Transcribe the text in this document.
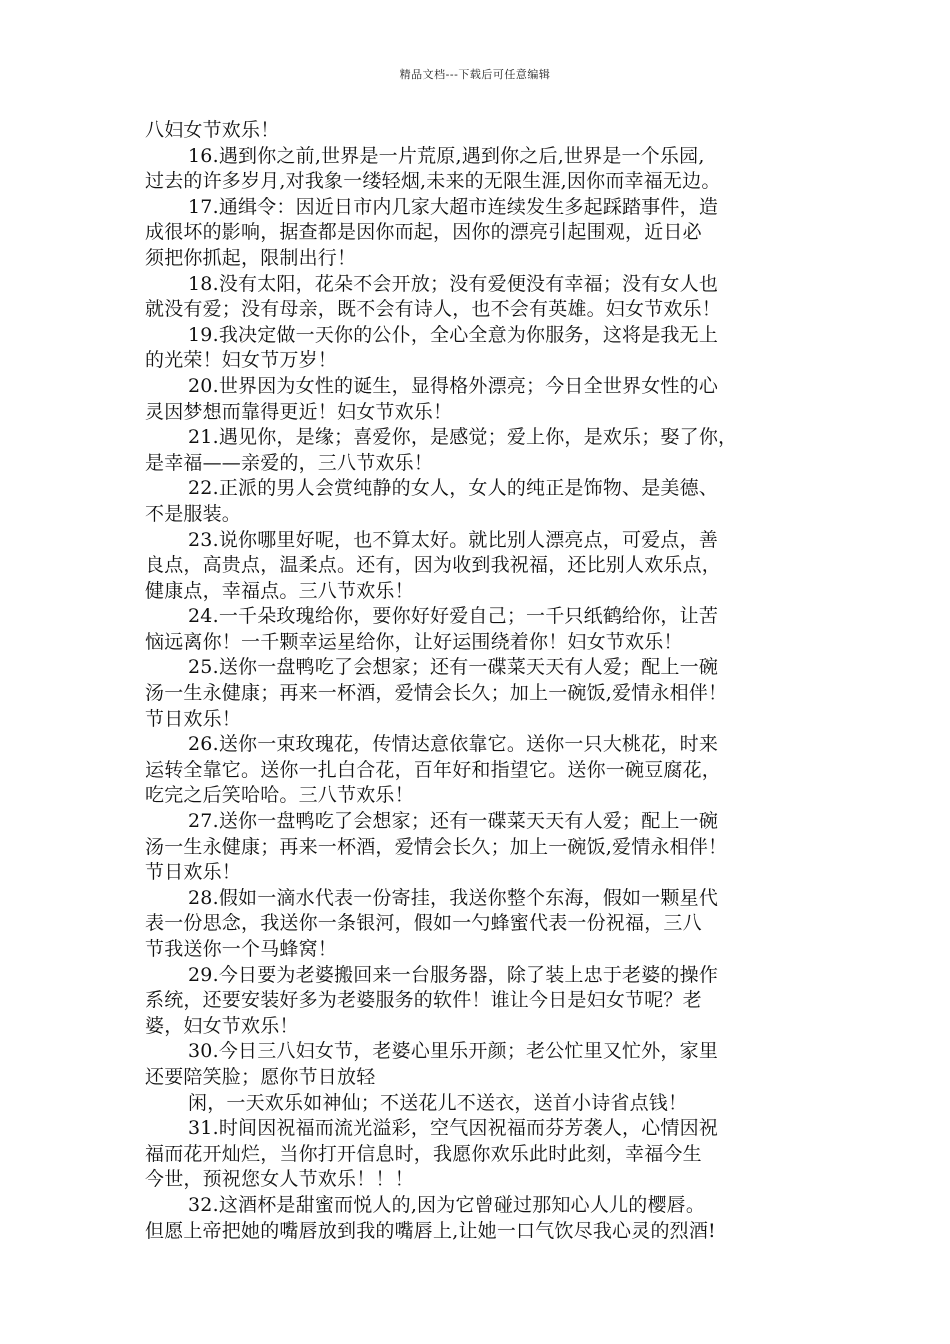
精品文档---下载后可任意编辑
八妇女节欢乐！
16.遇到你之前,世界是一片荒原,遇到你之后,世界是一个乐园,
过去的许多岁月,对我象一缕轻烟,未来的无限生涯,因你而幸福无边。
17.通缉令：因近日市内几家大超市连续发生多起踩踏事件，造
成很坏的影响，据查都是因你而起，因你的漂亮引起围观，近日必
须把你抓起，限制出行！
18.没有太阳，花朵不会开放；没有爱便没有幸福；没有女人也
就没有爱；没有母亲，既不会有诗人，也不会有英雄。妇女节欢乐！
19.我决定做一天你的公仆，全心全意为你服务，这将是我无上
的光荣！妇女节万岁！
20.世界因为女性的诞生，显得格外漂亮；今日全世界女性的心
灵因梦想而靠得更近！妇女节欢乐！
21.遇见你，是缘；喜爱你，是感觉；爱上你，是欢乐；娶了你，
是幸福——亲爱的，三八节欢乐！
22.正派的男人会赏纯静的女人，女人的纯正是饰物、是美德、
不是服装。
23.说你哪里好呢，也不算太好。就比别人漂亮点，可爱点，善
良点，高贵点，温柔点。还有，因为收到我祝福，还比别人欢乐点，
健康点，幸福点。三八节欢乐！
24.一千朵玫瑰给你，要你好好爱自己；一千只纸鹤给你，让苦
恼远离你！一千颗幸运星给你，让好运围绕着你！妇女节欢乐！
25.送你一盘鸭吃了会想家；还有一碟菜天天有人爱；配上一碗
汤一生永健康；再来一杯酒，爱情会长久；加上一碗饭,爱情永相伴！
节日欢乐！
26.送你一束玫瑰花，传情达意依靠它。送你一只大桃花，时来
运转全靠它。送你一扎白合花，百年好和指望它。送你一碗豆腐花，
吃完之后笑哈哈。三八节欢乐！
27.送你一盘鸭吃了会想家；还有一碟菜天天有人爱；配上一碗
汤一生永健康；再来一杯酒，爱情会长久；加上一碗饭,爱情永相伴！
节日欢乐！
28.假如一滴水代表一份寄挂，我送你整个东海，假如一颗星代
表一份思念，我送你一条银河，假如一勺蜂蜜代表一份祝福，三八
节我送你一个马蜂窝！
29.今日要为老婆搬回来一台服务器，除了装上忠于老婆的操作
系统，还要安装好多为老婆服务的软件！谁让今日是妇女节呢？老
婆，妇女节欢乐！
30.今日三八妇女节，老婆心里乐开颜；老公忙里又忙外，家里
还要陪笑脸；愿你节日放轻
闲，一天欢乐如神仙；不送花儿不送衣，送首小诗省点钱！
31.时间因祝福而流光溢彩，空气因祝福而芬芳袭人，心情因祝
福而花开灿烂，当你打开信息时，我愿你欢乐此时此刻，幸福今生
今世，预祝您女人节欢乐！！！
32.这酒杯是甜蜜而悦人的,因为它曾碰过那知心人儿的樱唇。
但愿上帝把她的嘴唇放到我的嘴唇上,让她一口气饮尽我心灵的烈酒!
